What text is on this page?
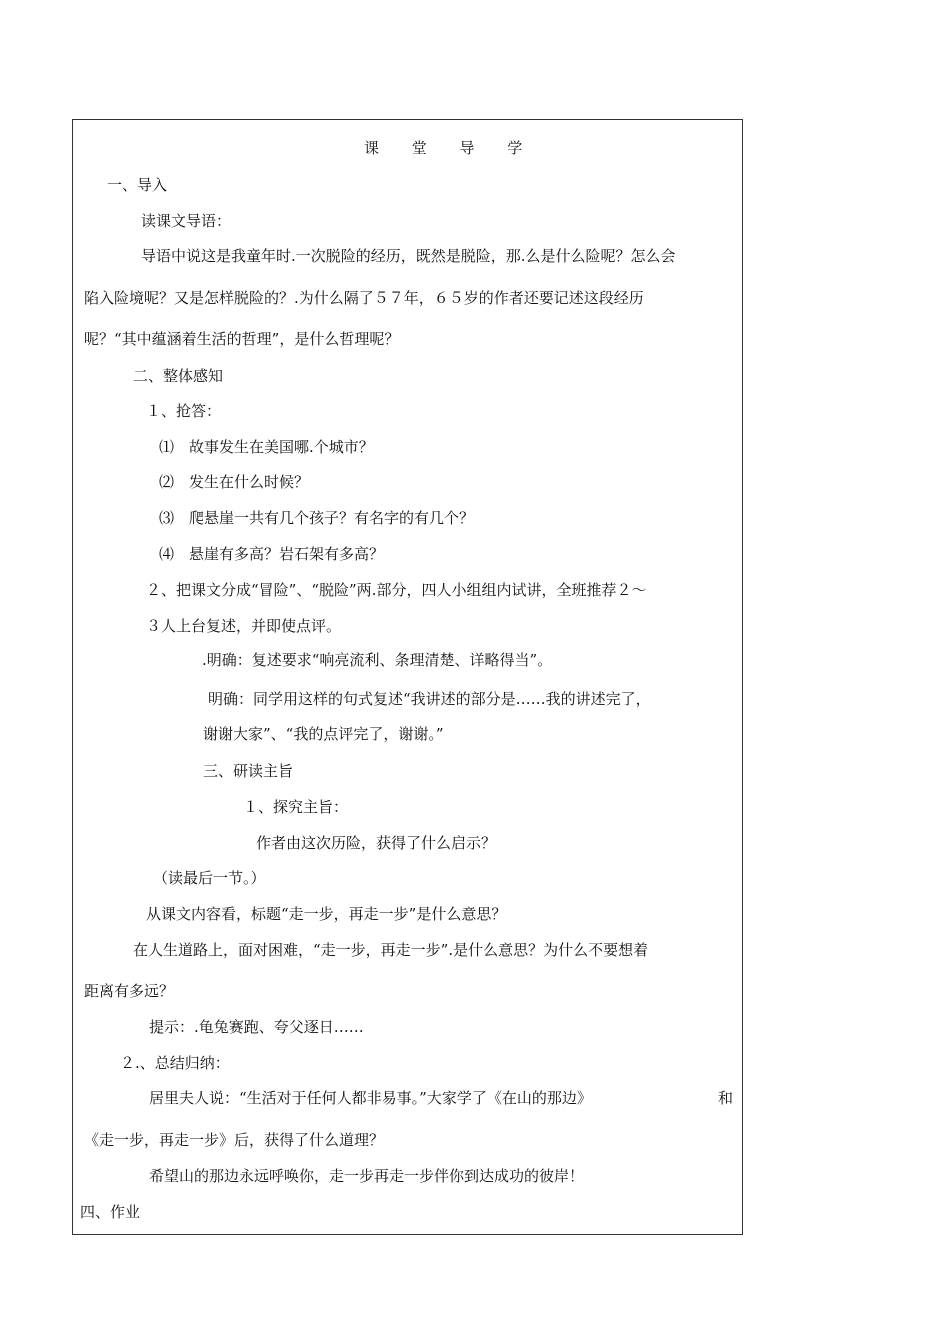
课 堂 导 学
一、导入
读课文导语：
导语中说这是我童年时.一次脱险的经历，既然是脱险，那.么是什么险呢？怎么会
陷入险境呢？又是怎样脱险的？.为什么隔了５７年，６５岁的作者还要记述这段经历
呢？“其中蕴涵着生活的哲理”，是什么哲理呢？
二、整体感知
１、抢答：
⑴　故事发生在美国哪.个城市？
⑵　发生在什么时候？
⑶　爬悬崖一共有几个孩子？有名字的有几个？
⑷　悬崖有多高？岩石架有多高？
２、把课文分成“冒险”、“脱险”两.部分，四人小组组内试讲，全班推荐２～
３人上台复述，并即使点评。
.明确：复述要求“响亮流利、条理清楚、详略得当”。
明确：同学用这样的句式复述“我讲述的部分是……我的讲述完了，
谢谢大家”、“我的点评完了，谢谢。”
三、研读主旨
１、探究主旨：
作者由这次历险，获得了什么启示？
（读最后一节。）
从课文内容看，标题“走一步，再走一步”是什么意思？
在人生道路上，面对困难，“走一步，再走一步”.是什么意思？为什么不要想着
距离有多远？
提示：.龟兔赛跑、夸父逐日……
２.、总结归纳：
居里夫人说：“生活对于任何人都非易事。”大家学了《在山的那边》	和
《走一步，再走一步》后，获得了什么道理？
希望山的那边永远呼唤你，走一步再走一步伴你到达成功的彼岸！
四、作业
